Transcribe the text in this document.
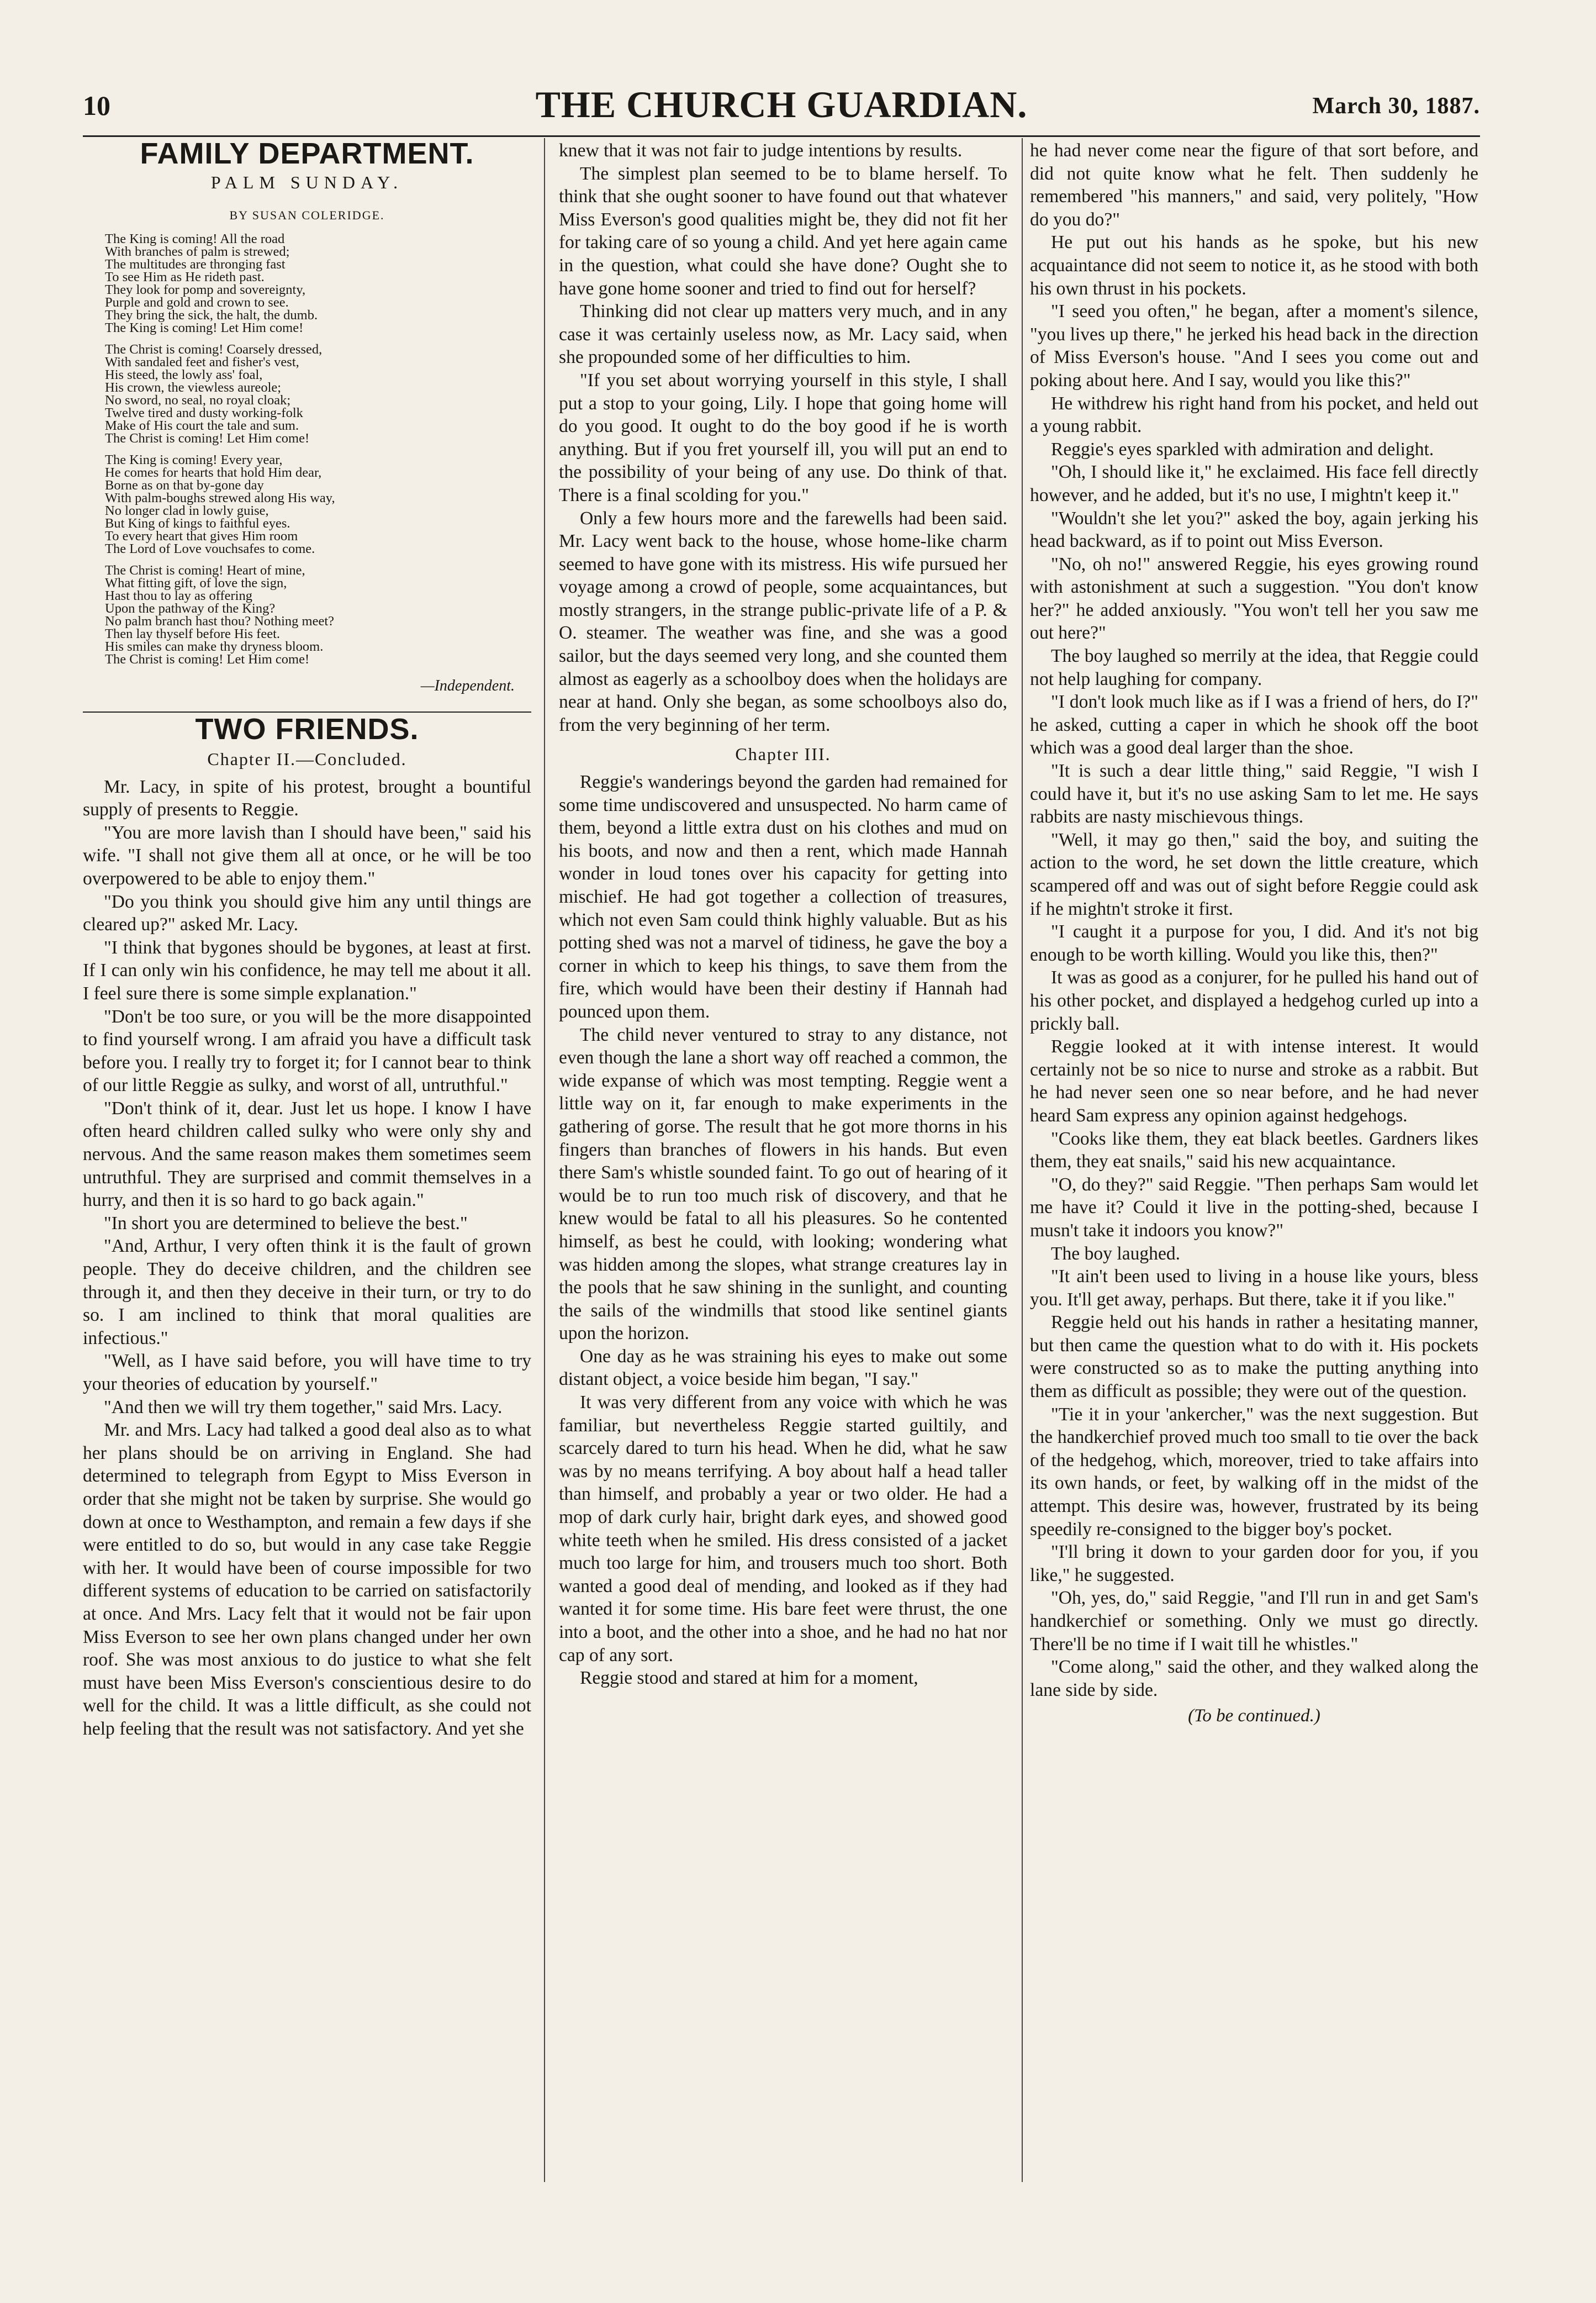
10	THE CHURCH GUARDIAN.	March 30, 1887.
FAMILY DEPARTMENT.
PALM SUNDAY.
BY SUSAN COLERIDGE.
The King is coming! All the road
With branches of palm is strewed;
The multitudes are thronging fast
To see Him as He rideth past.
They look for pomp and sovereignty,
Purple and gold and crown to see.
They bring the sick, the halt, the dumb.
The King is coming! Let Him come!
The Christ is coming! Coarsely dressed,
With sandaled feet and fisher's vest,
His steed, the lowly ass' foal,
His crown, the viewless aureole;
No sword, no seal, no royal cloak;
Twelve tired and dusty working-folk
Make of His court the tale and sum.
The Christ is coming! Let Him come!
The King is coming! Every year,
He comes for hearts that hold Him dear,
Borne as on that by-gone day
With palm-boughs strewed along His way,
No longer clad in lowly guise,
But King of kings to faithful eyes.
To every heart that gives Him room
The Lord of Love vouchsafes to come.
The Christ is coming! Heart of mine,
What fitting gift, of love the sign,
Hast thou to lay as offering
Upon the pathway of the King?
No palm branch hast thou? Nothing meet?
Then lay thyself before His feet.
His smiles can make thy dryness bloom.
The Christ is coming! Let Him come!
—Independent.
TWO FRIENDS.
Chapter II.—Concluded.

Mr. Lacy, in spite of his protest, brought a bountiful supply of presents to Reggie.

"You are more lavish than I should have been," said his wife. "I shall not give them all at once, or he will be too overpowered to be able to enjoy them."

"Do you think you should give him any until things are cleared up?" asked Mr. Lacy.

"I think that bygones should be bygones, at least at first. If I can only win his confidence, he may tell me about it all. I feel sure there is some simple explanation."

"Don't be too sure, or you will be the more disappointed to find yourself wrong. I am afraid you have a difficult task before you. I really try to forget it; for I cannot bear to think of our little Reggie as sulky, and worst of all, untruthful."

"Don't think of it, dear. Just let us hope. I know I have often heard children called sulky who were only shy and nervous. And the same reason makes them sometimes seem untruthful. They are surprised and commit themselves in a hurry, and then it is so hard to go back again."

"In short you are determined to believe the best."

"And, Arthur, I very often think it is the fault of grown people. They do deceive children, and the children see through it, and then they deceive in their turn, or try to do so. I am inclined to think that moral qualities are infectious."

"Well, as I have said before, you will have time to try your theories of education by yourself."

"And then we will try them together," said Mrs. Lacy.

Mr. and Mrs. Lacy had talked a good deal also as to what her plans should be on arriving in England. She had determined to telegraph from Egypt to Miss Everson in order that she might not be taken by surprise. She would go down at once to Westhampton, and remain a few days if she were entitled to do so, but would in any case take Reggie with her. It would have been of course impossible for two different systems of education to be carried on satisfactorily at once. And Mrs. Lacy felt that it would not be fair upon Miss Everson to see her own plans changed under her own roof. She was most anxious to do justice to what she felt must have been Miss Everson's conscientious desire to do well for the child. It was a little difficult, as she could not help feeling that the result was not satisfactory. And yet she

knew that it was not fair to judge intentions by results.

The simplest plan seemed to be to blame herself. To think that she ought sooner to have found out that whatever Miss Everson's good qualities might be, they did not fit her for taking care of so young a child. And yet here again came in the question, what could she have done? Ought she to have gone home sooner and tried to find out for herself?

Thinking did not clear up matters very much, and in any case it was certainly useless now, as Mr. Lacy said, when she propounded some of her difficulties to him.

"If you set about worrying yourself in this style, I shall put a stop to your going, Lily. I hope that going home will do you good. It ought to do the boy good if he is worth anything. But if you fret yourself ill, you will put an end to the possibility of your being of any use. Do think of that. There is a final scolding for you."

Only a few hours more and the farewells had been said. Mr. Lacy went back to the house, whose home-like charm seemed to have gone with its mistress. His wife pursued her voyage among a crowd of people, some acquaintances, but mostly strangers, in the strange public-private life of a P. & O. steamer. The weather was fine, and she was a good sailor, but the days seemed very long, and she counted them almost as eagerly as a schoolboy does when the holidays are near at hand. Only she began, as some schoolboys also do, from the very beginning of her term.

Chapter III.

Reggie's wanderings beyond the garden had remained for some time undiscovered and unsuspected. No harm came of them, beyond a little extra dust on his clothes and mud on his boots, and now and then a rent, which made Hannah wonder in loud tones over his capacity for getting into mischief. He had got together a collection of treasures, which not even Sam could think highly valuable. But as his potting shed was not a marvel of tidiness, he gave the boy a corner in which to keep his things, to save them from the fire, which would have been their destiny if Hannah had pounced upon them.

The child never ventured to stray to any distance, not even though the lane a short way off reached a common, the wide expanse of which was most tempting. Reggie went a little way on it, far enough to make experiments in the gathering of gorse. The result that he got more thorns in his fingers than branches of flowers in his hands. But even there Sam's whistle sounded faint. To go out of hearing of it would be to run too much risk of discovery, and that he knew would be fatal to all his pleasures. So he contented himself, as best he could, with looking; wondering what was hidden among the slopes, what strange creatures lay in the pools that he saw shining in the sunlight, and counting the sails of the windmills that stood like sentinel giants upon the horizon.

One day as he was straining his eyes to make out some distant object, a voice beside him began, "I say."

It was very different from any voice with which he was familiar, but nevertheless Reggie started guiltily, and scarcely dared to turn his head. When he did, what he saw was by no means terrifying. A boy about half a head taller than himself, and probably a year or two older. He had a mop of dark curly hair, bright dark eyes, and showed good white teeth when he smiled. His dress consisted of a jacket much too large for him, and trousers much too short. Both wanted a good deal of mending, and looked as if they had wanted it for some time. His bare feet were thrust, the one into a boot, and the other into a shoe, and he had no hat nor cap of any sort.

Reggie stood and stared at him for a moment,

he had never come near the figure of that sort before, and did not quite know what he felt. Then suddenly he remembered "his manners," and said, very politely, "How do you do?"

He put out his hands as he spoke, but his new acquaintance did not seem to notice it, as he stood with both his own thrust in his pockets.

"I seed you often," he began, after a moment's silence, "you lives up there," he jerked his head back in the direction of Miss Everson's house. "And I sees you come out and poking about here. And I say, would you like this?"

He withdrew his right hand from his pocket, and held out a young rabbit.

Reggie's eyes sparkled with admiration and delight.

"Oh, I should like it," he exclaimed. His face fell directly however, and he added, but it's no use, I mightn't keep it."

"Wouldn't she let you?" asked the boy, again jerking his head backward, as if to point out Miss Everson.

"No, oh no!" answered Reggie, his eyes growing round with astonishment at such a suggestion. "You don't know her?" he added anxiously. "You won't tell her you saw me out here?"

The boy laughed so merrily at the idea, that Reggie could not help laughing for company.

"I don't look much like as if I was a friend of hers, do I?" he asked, cutting a caper in which he shook off the boot which was a good deal larger than the shoe.

"It is such a dear little thing," said Reggie, "I wish I could have it, but it's no use asking Sam to let me. He says rabbits are nasty mischievous things.

"Well, it may go then," said the boy, and suiting the action to the word, he set down the little creature, which scampered off and was out of sight before Reggie could ask if he mightn't stroke it first.

"I caught it a purpose for you, I did. And it's not big enough to be worth killing. Would you like this, then?"

It was as good as a conjurer, for he pulled his hand out of his other pocket, and displayed a hedgehog curled up into a prickly ball.

Reggie looked at it with intense interest. It would certainly not be so nice to nurse and stroke as a rabbit. But he had never seen one so near before, and he had never heard Sam express any opinion against hedgehogs.

"Cooks like them, they eat black beetles. Gardners likes them, they eat snails," said his new acquaintance.

"O, do they?" said Reggie. "Then perhaps Sam would let me have it? Could it live in the potting-shed, because I musn't take it indoors you know?"

The boy laughed.

"It ain't been used to living in a house like yours, bless you. It'll get away, perhaps. But there, take it if you like."

Reggie held out his hands in rather a hesitating manner, but then came the question what to do with it. His pockets were constructed so as to make the putting anything into them as difficult as possible; they were out of the question.

"Tie it in your 'ankercher," was the next suggestion. But the handkerchief proved much too small to tie over the back of the hedgehog, which, moreover, tried to take affairs into its own hands, or feet, by walking off in the midst of the attempt. This desire was, however, frustrated by its being speedily re-consigned to the bigger boy's pocket.

"I'll bring it down to your garden door for you, if you like," he suggested.

"Oh, yes, do," said Reggie, "and I'll run in and get Sam's handkerchief or something. Only we must go directly. There'll be no time if I wait till he whistles."

"Come along," said the other, and they walked along the lane side by side.

(To be continued.)
